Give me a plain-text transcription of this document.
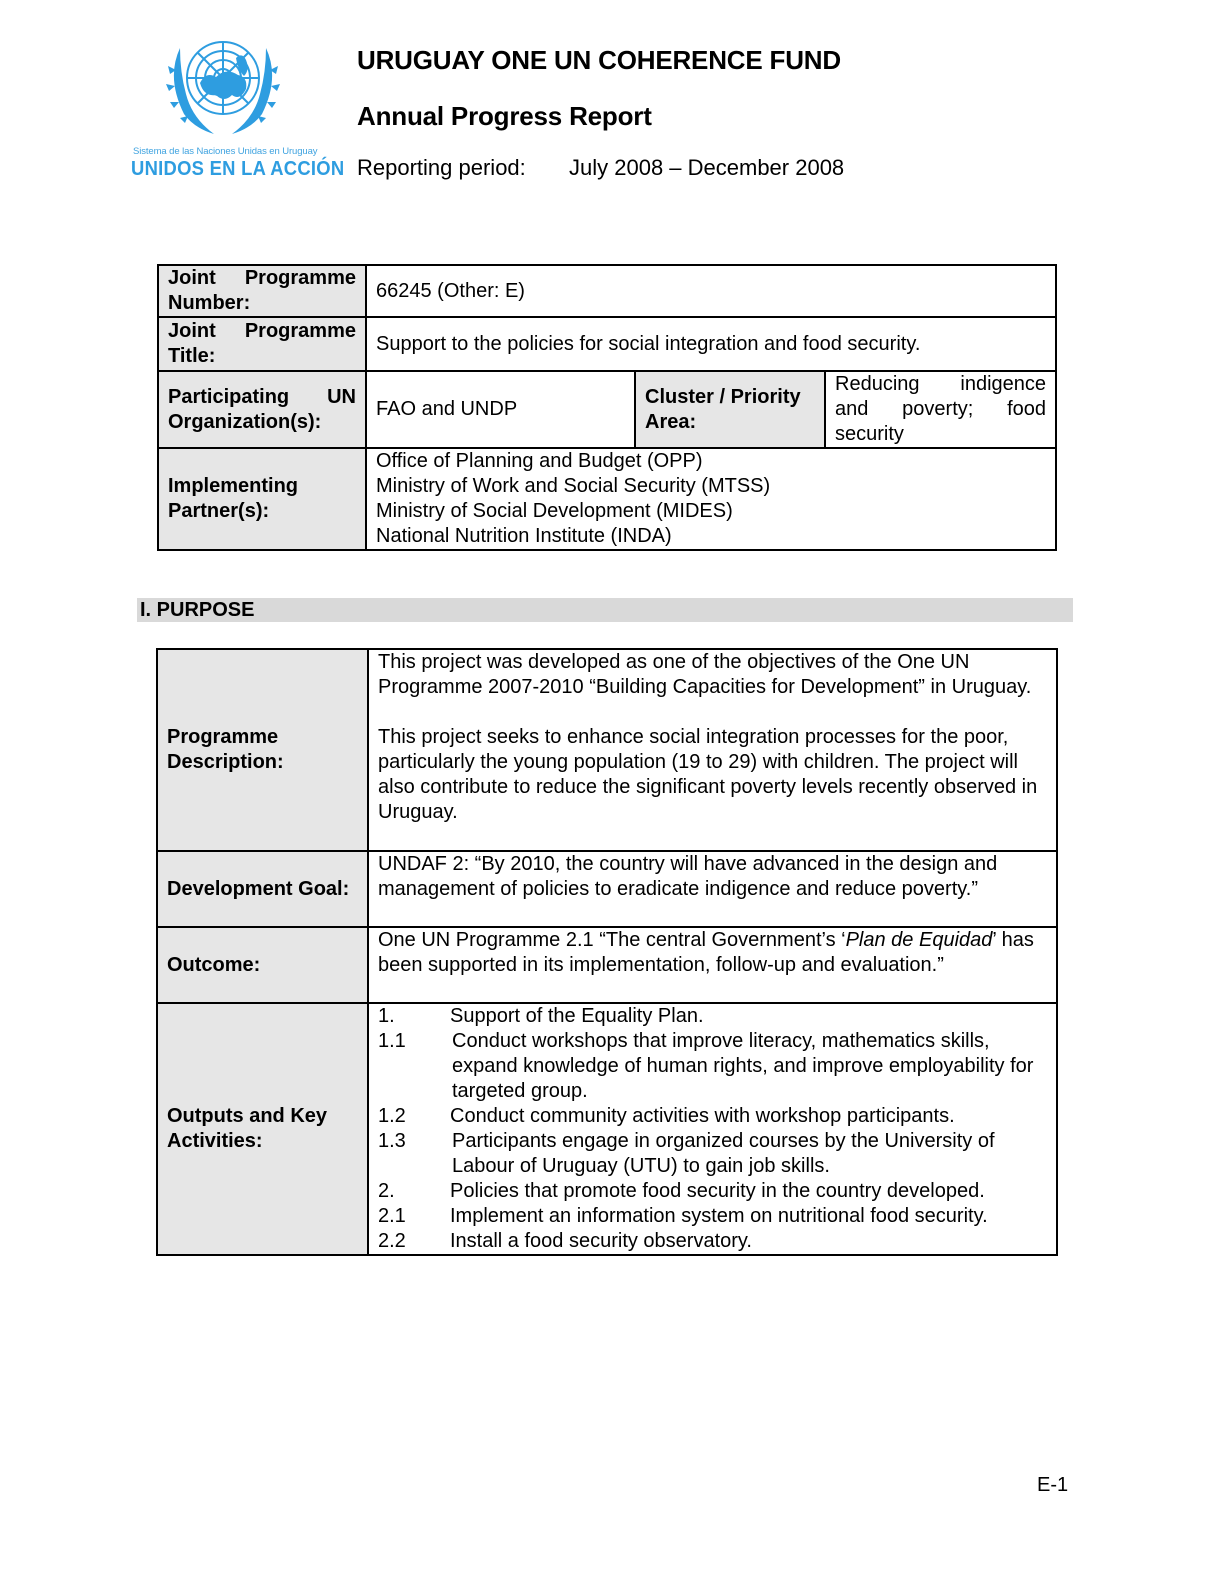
Sistema de las Naciones Unidas en Uruguay
UNIDOS EN LA ACCIÓN
URUGUAY ONE UN COHERENCE FUND
Annual Progress Report
Reporting period: July 2008 – December 2008
Joint Programme Number:	66245 (Other: E)		
Joint Programme Title:	Support to the policies for social integration and food security.		
Participating UN Organization(s):	FAO and UNDP	Cluster / Priority Area:	Reducing indigence and poverty; food security
Implementing Partner(s):	Office of Planning and Budget (OPP)
Ministry of Work and Social Security (MTSS)
Ministry of Social Development (MIDES)
National Nutrition Institute (INDA)		
I. PURPOSE
Programme Description:	This project was developed as one of the objectives of the One UN Programme 2007-2010 “Building Capacities for Development” in Uruguay.
This project seeks to enhance social integration processes for the poor, particularly the young population (19 to 29) with children. The project will also contribute to reduce the significant poverty levels recently observed in Uruguay.

Development Goal:	UNDAF 2: “By 2010, the country will have advanced in the design and management of policies to eradicate indigence and reduce poverty.”
Outcome:	One UN Programme 2.1 “The central Government’s ‘Plan de Equidad’ has been supported in its implementation, follow-up and evaluation.”
Outputs and Key Activities:	
1.	Support of the Equality Plan.
1.1	Conduct workshops that improve literacy, mathematics skills, expand knowledge of human rights, and improve employability for targeted group.
1.2	Conduct community activities with workshop participants.
1.3	Participants engage in organized courses by the University of Labour of Uruguay (UTU) to gain job skills.
2.	Policies that promote food security in the country developed.
2.1	Implement an information system on nutritional food security.
2.2	Install a food security observatory.
E-1
